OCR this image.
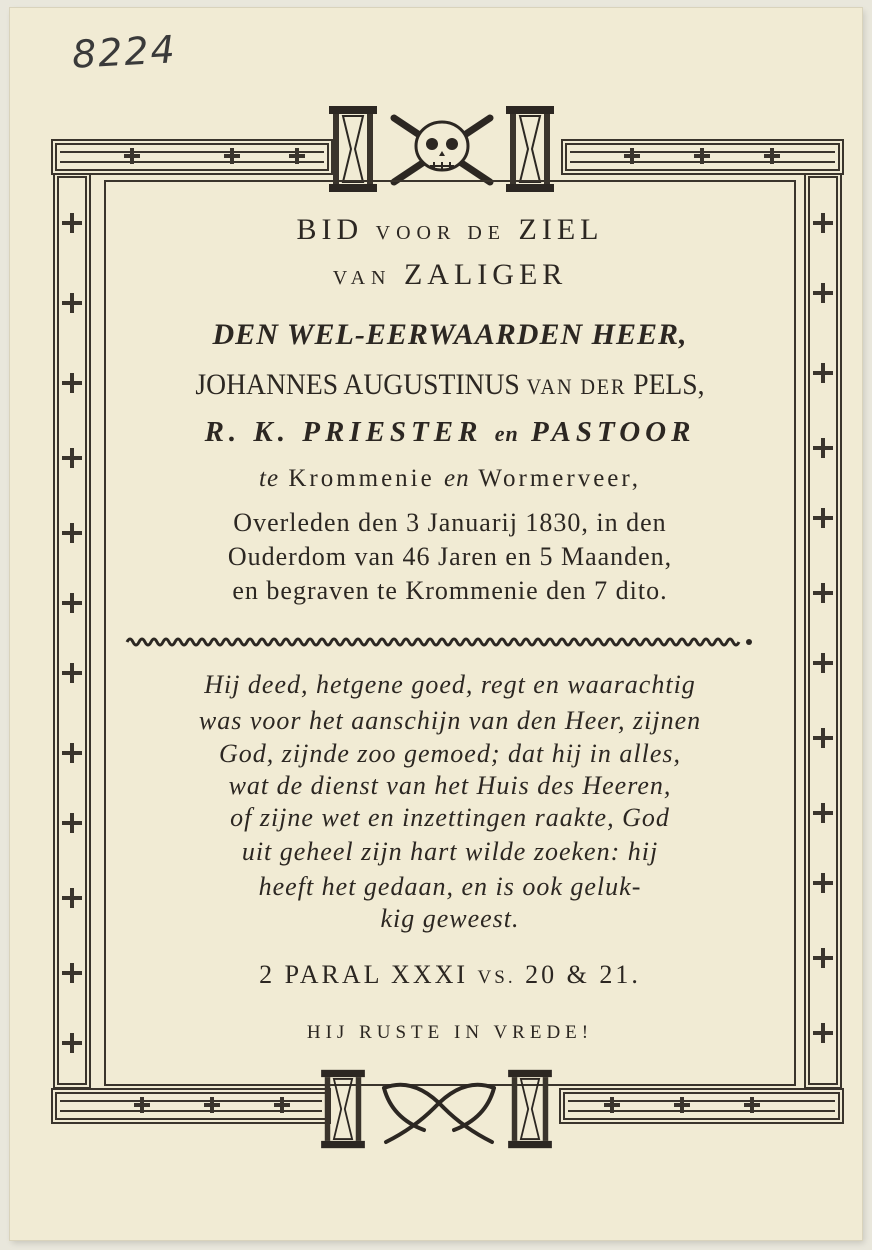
8224
BID VOOR DE ZIEL
VAN ZALIGER
DEN WEL-EERWAARDEN HEER,
JOHANNES AUGUSTINUS VAN DER PELS,
R. K. PRIESTER en PASTOOR
te Krommenie en Wormerveer,
Overleden den 3 Januarij 1830, in den
Ouderdom van 46 Jaren en 5 Maanden,
en begraven te Krommenie den 7 dito.
Hij deed, hetgene goed, regt en waarachtig
was voor het aanschijn van den Heer, zijnen
God, zijnde zoo gemoed; dat hij in alles,
wat de dienst van het Huis des Heeren,
of zijne wet en inzettingen raakte, God
uit geheel zijn hart wilde zoeken: hij
heeft het gedaan, en is ook geluk-
kig geweest.
2 PARAL XXXI VS. 20 & 21.
HIJ RUSTE IN VREDE!
